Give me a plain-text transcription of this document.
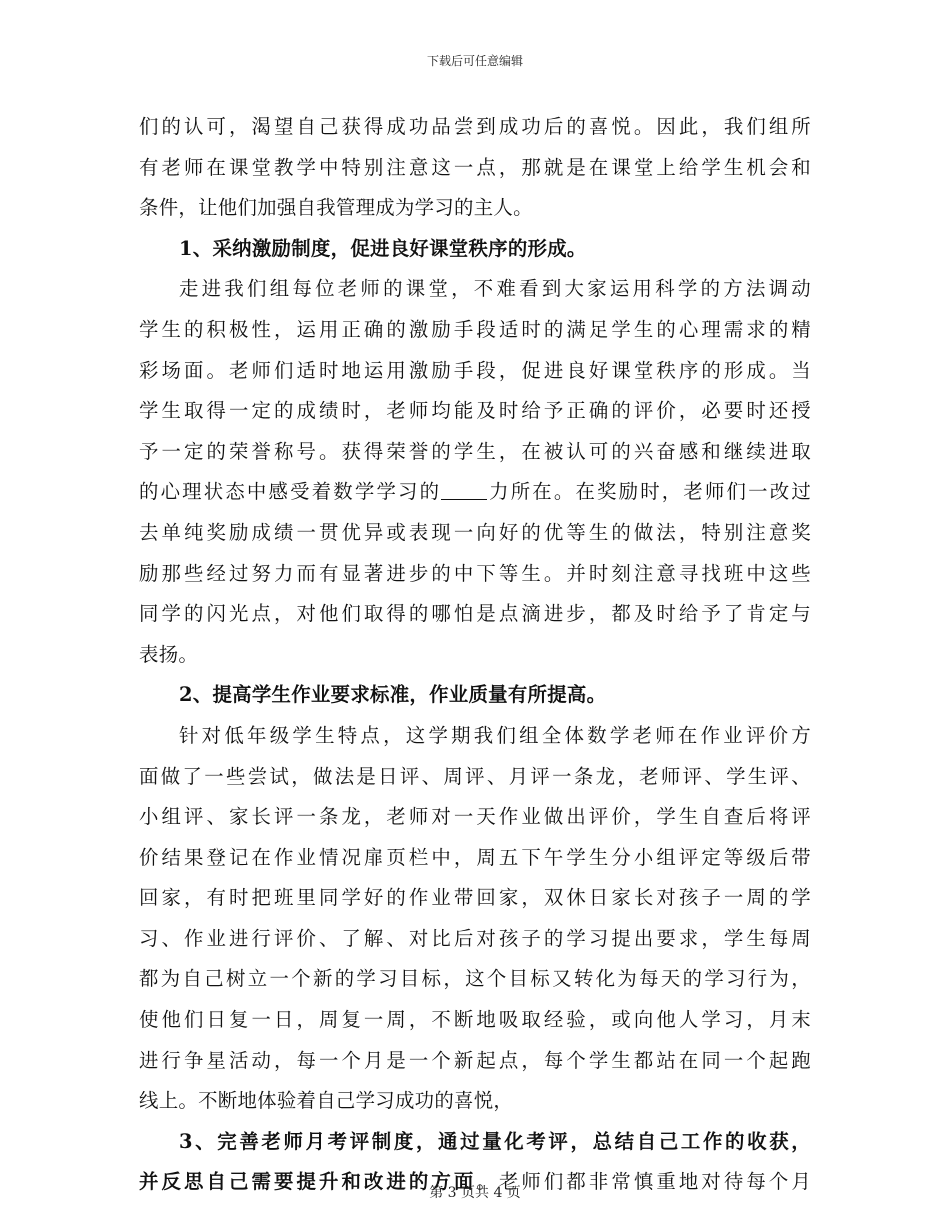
下载后可任意编辑
们的认可，渴望自己获得成功品尝到成功后的喜悦。因此，我们组所
有老师在课堂教学中特别注意这一点，那就是在课堂上给学生机会和
条件，让他们加强自我管理成为学习的主人。
1、采纳激励制度，促进良好课堂秩序的形成。
走进我们组每位老师的课堂，不难看到大家运用科学的方法调动
学生的积极性，运用正确的激励手段适时的满足学生的心理需求的精
彩场面。老师们适时地运用激励手段，促进良好课堂秩序的形成。当
学生取得一定的成绩时，老师均能及时给予正确的评价，必要时还授
予一定的荣誉称号。获得荣誉的学生，在被认可的兴奋感和继续进取
的心理状态中感受着数学学习的 力所在。在奖励时，老师们一改过
去单纯奖励成绩一贯优异或表现一向好的优等生的做法，特别注意奖
励那些经过努力而有显著进步的中下等生。并时刻注意寻找班中这些
同学的闪光点，对他们取得的哪怕是点滴进步，都及时给予了肯定与
表扬。
2、提高学生作业要求标准，作业质量有所提高。
针对低年级学生特点，这学期我们组全体数学老师在作业评价方
面做了一些尝试，做法是日评、周评、月评一条龙，老师评、学生评、
小组评、家长评一条龙，老师对一天作业做出评价，学生自查后将评
价结果登记在作业情况扉页栏中，周五下午学生分小组评定等级后带
回家，有时把班里同学好的作业带回家，双休日家长对孩子一周的学
习、作业进行评价、了解、对比后对孩子的学习提出要求，学生每周
都为自己树立一个新的学习目标，这个目标又转化为每天的学习行为，
使他们日复一日，周复一周，不断地吸取经验，或向他人学习，月末
进行争星活动，每一个月是一个新起点，每个学生都站在同一个起跑
线上。不断地体验着自己学习成功的喜悦，
3、完善老师月考评制度，通过量化考评，总结自己工作的收获，
并反思自己需要提升和改进的方面。老师们都非常慎重地对待每个月
第 3 页共 4 页
